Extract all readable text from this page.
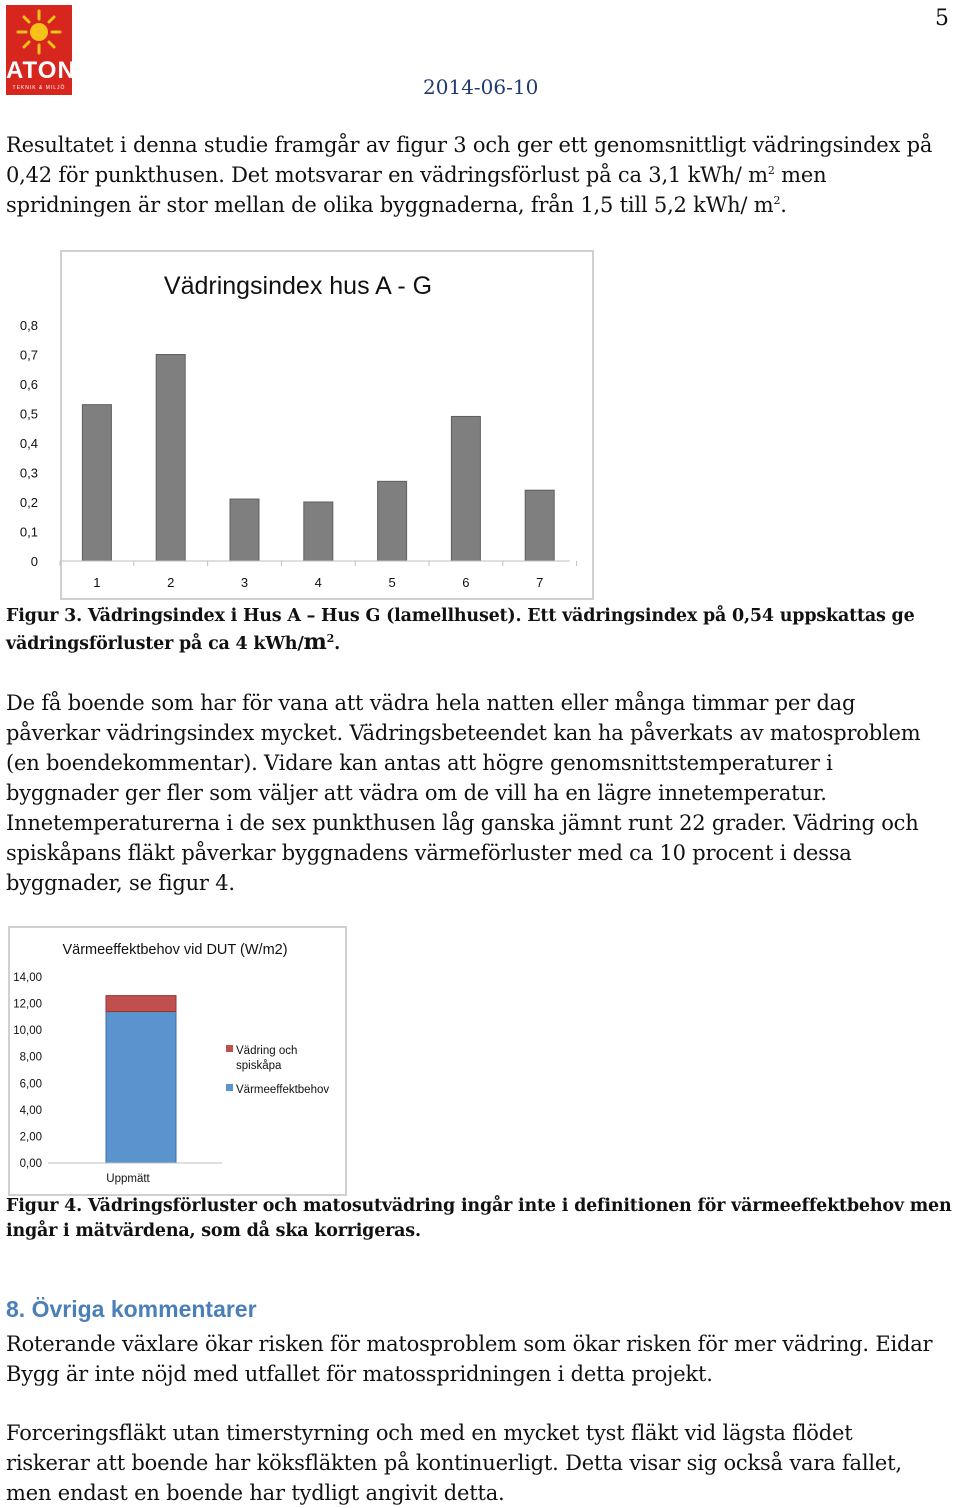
ATON
TEKNIK & MILJÖ
5
2014-06-10
Resultatet i denna studie framgår av figur 3 och ger ett genomsnittligt vädringsindex på
0,42 för punkthusen. Det motsvarar en vädringsförlust på ca 3,1 kWh/ $m^2$ men
spridningen är stor mellan de olika byggnaderna, från 1,5 till 5,2 kWh/ $m^2$.
Vädringsindex hus A - G
0
0,1
0,2
0,3
0,4
0,5
0,6
0,7
0,8
1	2	3	4	5	6	7
Figur 3. Vädringsindex i Hus A – Hus G (lamellhuset). Ett vädringsindex på 0,54 uppskattas ge
vädringsförluster på ca 4 kWh/$m^2$.
De få boende som har för vana att vädra hela natten eller många timmar per dag
påverkar vädringsindex mycket. Vädringsbeteendet kan ha påverkats av matosproblem
(en boendekommentar). Vidare kan antas att högre genomsnittstemperaturer i
byggnader ger fler som väljer att vädra om de vill ha en lägre innetemperatur.
Innetemperaturerna i de sex punkthusen låg ganska jämnt runt 22 grader. Vädring och
spiskåpans fläkt påverkar byggnadens värmeförluster med ca 10 procent i dessa
byggnader, se figur 4.
Värmeeffektbehov vid DUT (W/m2)
0,00
2,00
4,00
6,00
8,00
10,00
12,00
14,00
Uppmätt
Vädring och
spiskåpa
Värmeeffektbehov
Figur 4. Vädringsförluster och matosutvädring ingår inte i definitionen för värmeeffektbehov men
ingår i mätvärdena, som då ska korrigeras.
8. Övriga kommentarer
Roterande växlare ökar risken för matosproblem som ökar risken för mer vädring. Eidar
Bygg är inte nöjd med utfallet för matosspridningen i detta projekt.
Forceringsfläkt utan timerstyrning och med en mycket tyst fläkt vid lägsta flödet
riskerar att boende har köksfläkten på kontinuerligt. Detta visar sig också vara fallet,
men endast en boende har tydligt angivit detta.
